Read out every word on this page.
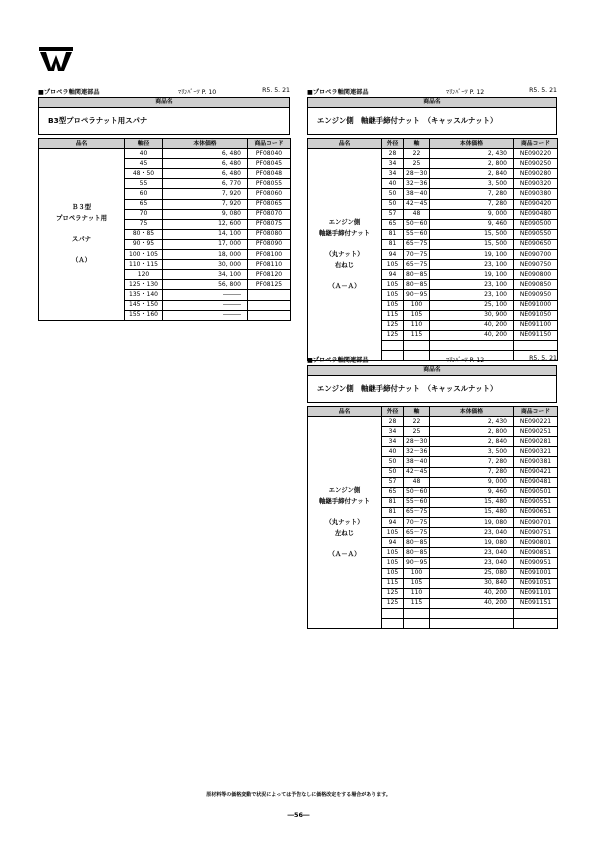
■プロペラ軸関連部品	ﾏﾘﾝﾊﾟｰﾂ P. 10	R5. 5. 21
商品名
B3型プロペラナット用スパナ
品名	軸径	本体価格	商品コード

Ｂ３型
プロペラナット用
スパナ
（Ａ）	40	6, 480	PF08040
	45	6, 480	PF08045
	48・50	6, 480	PF08048
	55	6, 770	PF08055
	60	7, 920	PF08060
	65	7, 920	PF08065
	70	9, 080	PF08070
	75	12, 600	PF08075
	80・85	14, 100	PF08080
	90・95	17, 000	PF08090
	100・105	18, 000	PF08100
	110・115	30, 000	PF08110
	120	34, 100	PF08120
	125・130	56, 800	PF08125
	135・140	―――	
	145・150	―――	
	155・160	―――	
■プロペラ軸関連部品	ﾏﾘﾝﾊﾟｰﾂ P. 12	R5. 5. 21
商品名
エンジン側　軸継手締付ナット　（キャッスルナット）
品名	外径	軸	本体価格	商品コード

エンジン側
軸継手締付ナット
（丸ナット）
右ねじ
（Ａ－Ａ）	28	22	2, 430	NE090220
	34	25	2, 800	NE090250
	34	28～30	2, 840	NE090280
	40	32～36	3, 500	NE090320
	50	38～40	7, 280	NE090380
	50	42～45	7, 280	NE090420
	57	48	9, 000	NE090480
	65	50～60	9, 460	NE090500
	81	55～60	15, 500	NE090550
	81	65～75	15, 500	NE090650
	94	70～75	19, 100	NE090700
	105	65～75	23, 100	NE090750
	94	80～85	19, 100	NE090800
	105	80～85	23, 100	NE090850
	105	90～95	23, 100	NE090950
	105	100	25, 100	NE091000
	115	105	30, 900	NE091050
	125	110	40, 200	NE091100
	125	115	40, 200	NE091150

■プロペラ軸関連部品	ﾏﾘﾝﾊﾟｰﾂ P. 12	R5. 5. 21
商品名
エンジン側　軸継手締付ナット　（キャッスルナット）
品名	外径	軸	本体価格	商品コード

エンジン側
軸継手締付ナット
（丸ナット）
左ねじ
（Ａ－Ａ）	28	22	2, 430	NE090221
	34	25	2, 800	NE090251
	34	28～30	2, 840	NE090281
	40	32～36	3, 500	NE090321
	50	38～40	7, 280	NE090381
	50	42～45	7, 280	NE090421
	57	48	9, 000	NE090481
	65	50～60	9, 460	NE090501
	81	55～60	15, 480	NE090551
	81	65～75	15, 480	NE090651
	94	70～75	19, 080	NE090701
	105	65～75	23, 040	NE090751
	94	80～85	19, 080	NE090801
	105	80～85	23, 040	NE090851
	105	90～95	23, 040	NE090951
	105	100	25, 080	NE091001
	115	105	30, 840	NE091051
	125	110	40, 200	NE091101
	125	115	40, 200	NE091151

原材料等の価格変動で状況によっては予告なしに価格改定をする場合があります。
―56―
